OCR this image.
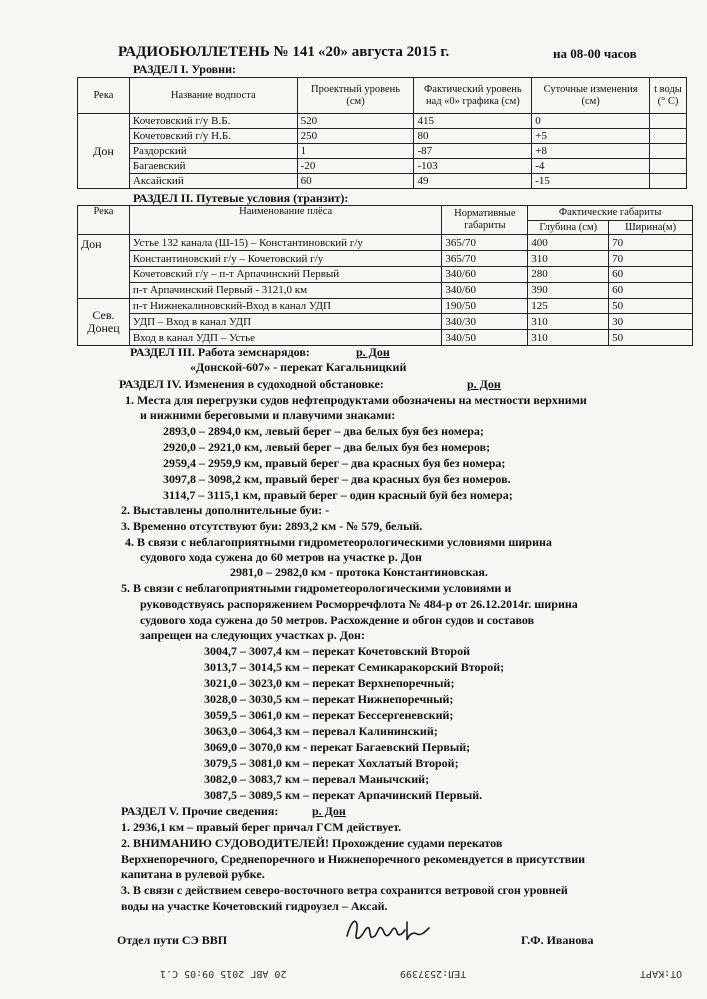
РАДИОБЮЛЛЕТЕНЬ № 141 «20» августа 2015 г.	на 08-00 часов
РАЗДЕЛ I. Уровни:
Река	Название водпоста	Проектный уровень (см)	Фактический уровень над «0» графика (см)	Суточные изменения (см)	t воды (° С)
Дон	Кочетовский г/у В.Б.	520	415	0	
	Кочетовский г/у Н.Б.	250	80	+5	
	Раздорский	1	-87	+8	
	Багаевский	-20	-103	-4	
	Аксайский	60	49	-15	
РАЗДЕЛ II. Путевые условия (транзит):
Река	Наименование плёса	Нормативные габариты	Фактические габариты	
			Глубина (см)	Ширина(м)
Дон	Устье 132 канала (Ш-15) – Константиновский г/у	365/70	400	70
	Константиновский г/у – Кочетовский г/у	365/70	310	70
	Кочетовский г/у – п-т Арпачинский Первый	340/60	280	60
	п-т Арпачинский Первый - 3121,0 км	340/60	390	60
Сев. Донец	п-т Нижнекалиновский-Вход в канал УДП	190/50	125	50
	УДП – Вход в канал УДП	340/30	310	30
	Вход в канал УДП – Устье	340/50	310	50
РАЗДЕЛ III. Работа земснарядов:	р. Дон
«Донской-607» - перекат Кагальницкий
РАЗДЕЛ IV. Изменения в судоходной обстановке:	р. Дон
1. Места для перегрузки судов нефтепродуктами обозначены на местности верхними
и нижними береговыми и плавучими знаками:
2893,0 – 2894,0 км, левый берег – два белых буя без номера;
2920,0 – 2921,0 км, левый берег – два белых буя без номеров;
2959,4 – 2959,9 км, правый берег – два красных буя без номера;
3097,8 – 3098,2 км, правый берег – два красных буя без номеров.
3114,7 – 3115,1 км, правый берег – один красный буй без номера;
2. Выставлены дополнительные буи: -
3. Временно отсутствуют буи: 2893,2 км - № 579, белый.
4. В связи с неблагоприятными гидрометеорологическими условиями ширина
судового хода сужена до 60 метров на участке р. Дон
2981,0 – 2982,0 км - протока Константиновская.
5. В связи с неблагоприятными гидрометеорологическими условиями и
руководствуясь распоряжением Росморречфлота № 484-р от 26.12.2014г. ширина
судового хода сужена до 50 метров. Расхождение и обгон судов и составов
запрещен на следующих участках р. Дон:
3004,7 – 3007,4 км – перекат Кочетовский Второй
3013,7 – 3014,5 км – перекат Семикаракорский Второй;
3021,0 – 3023,0 км – перекат Верхнепоречный;
3028,0 – 3030,5 км – перекат Нижнепоречный;
3059,5 – 3061,0 км – перекат Бессергеневский;
3063,0 – 3064,3 км – перевал Калининский;
3069,0 – 3070,0 км - перекат Багаевский Первый;
3079,5 – 3081,0 км – перекат Хохлатый Второй;
3082,0 – 3083,7 км – перевал Манычский;
3087,5 – 3089,5 км – перекат Арпачинский Первый.
РАЗДЕЛ V. Прочие сведения:	р. Дон
1. 2936,1 км – правый берег причал ГСМ действует.
2. ВНИМАНИЮ СУДОВОДИТЕЛЕЙ! Прохождение судами перекатов
Верхнепоречного, Среднепоречного и Нижнепоречного рекомендуется в присутствии
капитана в рулевой рубке.
3. В связи с действием северо-восточного ветра сохранится ветровой сгон уровней
воды на участке Кочетовский гидроузел – Аксай.
Отдел пути СЭ ВВП	Г.Ф. Иванова
20 АВГ 2015 09:05 С.1	ТЕЛ:2537399	ОТ:КАРТ
